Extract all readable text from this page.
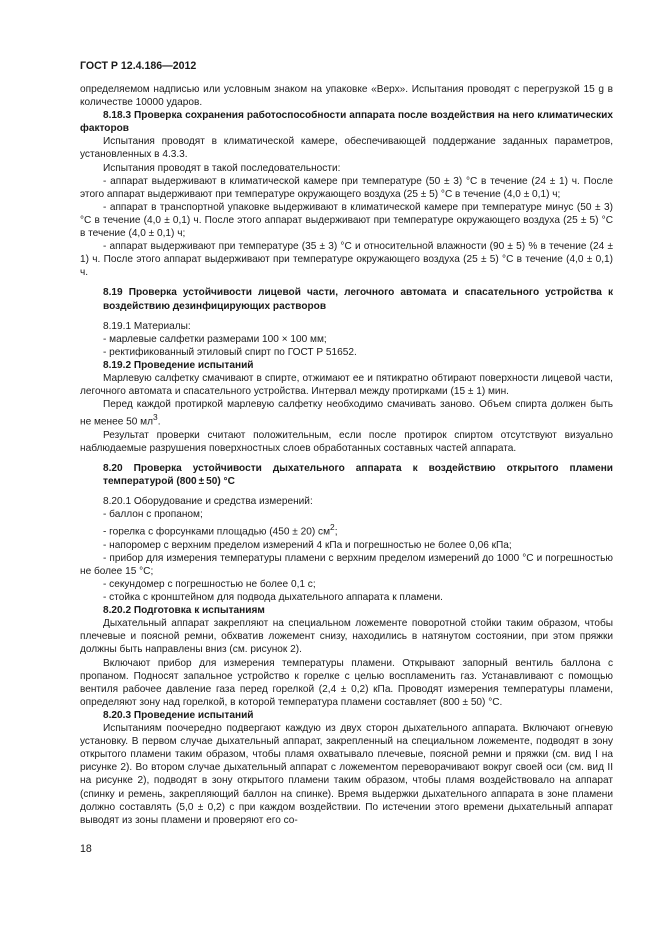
ГОСТ Р 12.4.186—2012

определяемом надписью или условным знаком на упаковке «Верх». Испытания проводят с перегрузкой 15 g в количестве 10000 ударов.

8.18.3 Проверка сохранения работоспособности аппарата после воздействия на него климатических факторов

Испытания проводят в климатической камере, обеспечивающей поддержание заданных параметров, установленных в 4.3.3.

Испытания проводят в такой последовательности:

- аппарат выдерживают в климатической камере при температуре (50 ± 3) °С в течение (24 ± 1) ч. После этого аппарат выдерживают при температуре окружающего воздуха (25 ± 5) °С в течение (4,0 ± 0,1) ч;

- аппарат в транспортной упаковке выдерживают в климатической камере при температуре минус (50 ± 3) °С в течение (4,0 ± 0,1) ч. После этого аппарат выдерживают при температуре окружающего воздуха (25 ± 5) °С в течение (4,0 ± 0,1) ч;

- аппарат выдерживают при температуре (35 ± 3) °С и относительной влажности (90 ± 5) % в течение (24 ± 1) ч. После этого аппарат выдерживают при температуре окружающего воздуха (25 ± 5) °С в течение (4,0 ± 0,1) ч.

8.19 Проверка устойчивости лицевой части, легочного автомата и спасательного устройства к воздействию дезинфицирующих растворов

8.19.1 Материалы:

- марлевые салфетки размерами 100 × 100 мм;

- ректификованный этиловый спирт по ГОСТ Р 51652.

8.19.2 Проведение испытаний

Марлевую салфетку смачивают в спирте, отжимают ее и пятикратно обтирают поверхности лицевой части, легочного автомата и спасательного устройства. Интервал между протирками (15 ± 1) мин.

Перед каждой протиркой марлевую салфетку необходимо смачивать заново. Объем спирта должен быть не менее 50 $мл^3$.

Результат проверки считают положительным, если после протирок спиртом отсутствуют визуально наблюдаемые разрушения поверхностных слоев обработанных составных частей аппарата.

8.20 Проверка устойчивости дыхательного аппарата к воздействию открытого пламени температурой (800 ± 50) °С

8.20.1 Оборудование и средства измерений:

- баллон с пропаном;

- горелка с форсунками площадью (450 ± 20) $см^2$;

- напоромер с верхним пределом измерений 4 кПа и погрешностью не более 0,06 кПа;

- прибор для измерения температуры пламени с верхним пределом измерений до 1000 °С и погрешностью не более 15 °С;

- секундомер с погрешностью не более 0,1 с;

- стойка с кронштейном для подвода дыхательного аппарата к пламени.

8.20.2 Подготовка к испытаниям

Дыхательный аппарат закрепляют на специальном ложементе поворотной стойки таким образом, чтобы плечевые и поясной ремни, обхватив ложемент снизу, находились в натянутом состоянии, при этом пряжки должны быть направлены вниз (см. рисунок 2).

Включают прибор для измерения температуры пламени. Открывают запорный вентиль баллона с пропаном. Подносят запальное устройство к горелке с целью воспламенить газ. Устанавливают с помощью вентиля рабочее давление газа перед горелкой (2,4 ± 0,2) кПа. Проводят измерения температуры пламени, определяют зону над горелкой, в которой температура пламени составляет (800 ± 50) °С.

8.20.3 Проведение испытаний

Испытаниям поочередно подвергают каждую из двух сторон дыхательного аппарата. Включают огневую установку. В первом случае дыхательный аппарат, закрепленный на специальном ложементе, подводят в зону открытого пламени таким образом, чтобы пламя охватывало плечевые, поясной ремни и пряжки (см. вид I на рисунке 2). Во втором случае дыхательный аппарат с ложементом переворачивают вокруг своей оси (см. вид II на рисунке 2), подводят в зону открытого пламени таким образом, чтобы пламя воздействовало на аппарат (спинку и ремень, закрепляющий баллон на спинке). Время выдержки дыхательного аппарата в зоне пламени должно составлять (5,0 ± 0,2) с при каждом воздействии. По истечении этого времени дыхательный аппарат выводят из зоны пламени и проверяют его со-

18
